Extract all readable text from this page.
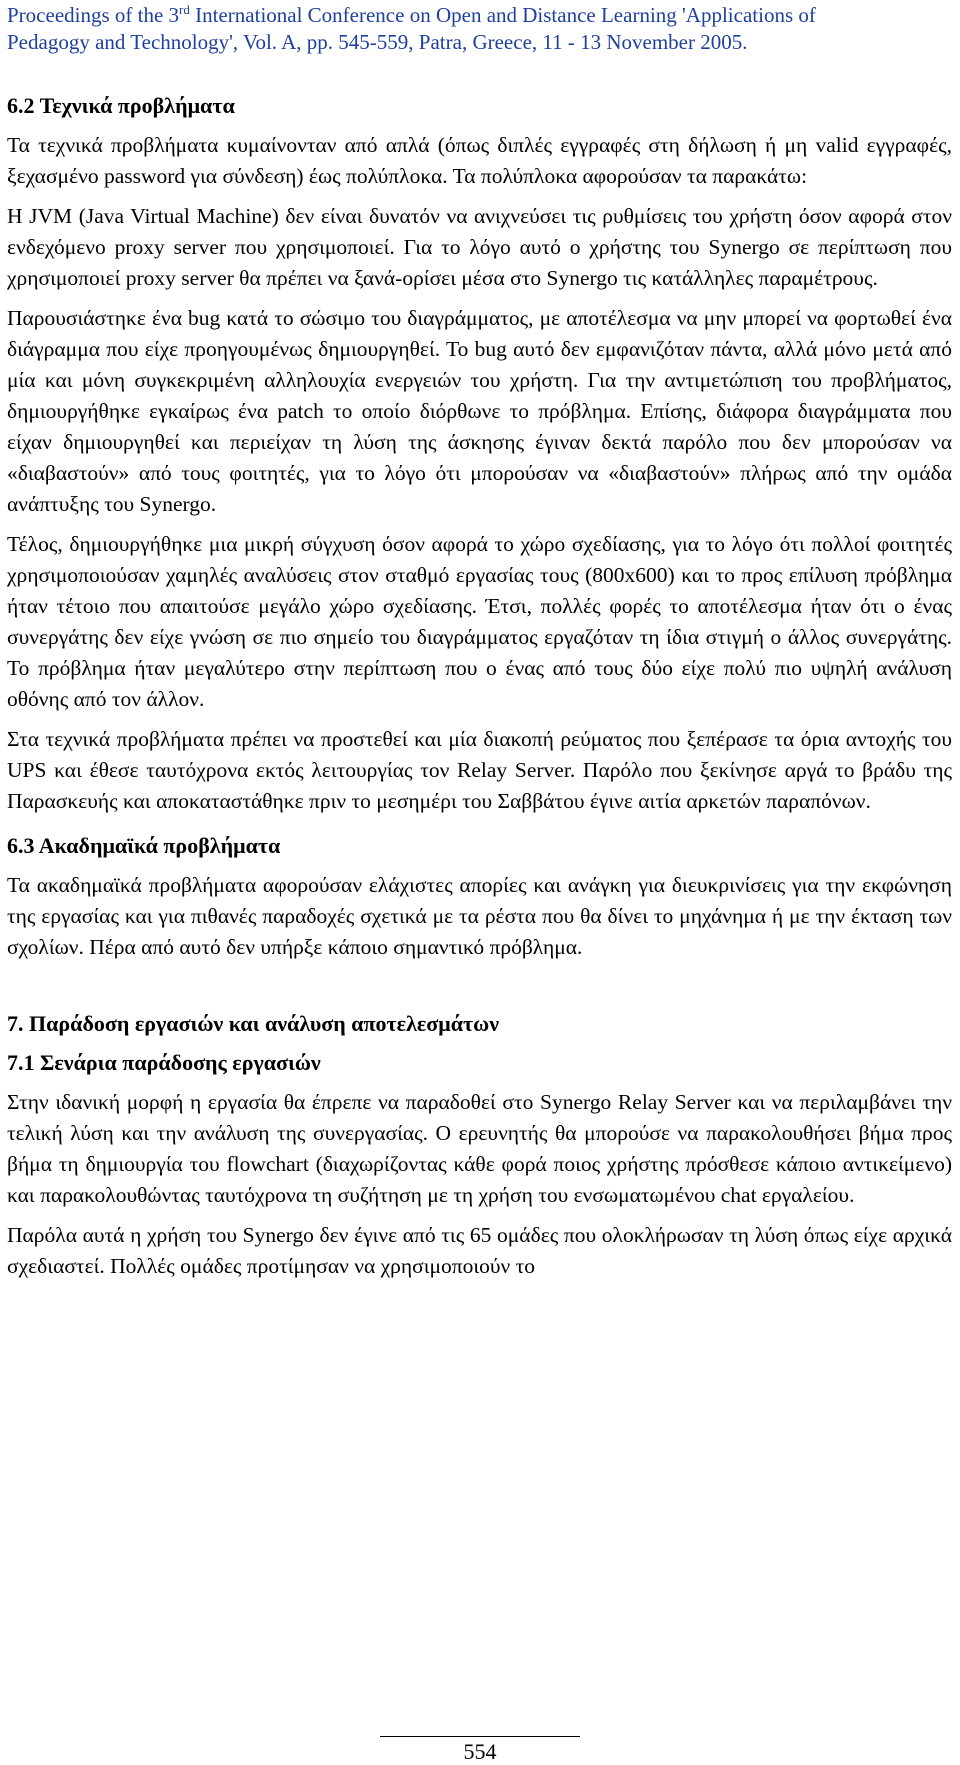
Proceedings of the 3rd International Conference on Open and Distance Learning 'Applications of
Pedagogy and Technology', Vol. A, pp. 545-559, Patra, Greece, 11 - 13 November 2005.
6.2 Τεχνικά προβλήματα

Τα τεχνικά προβλήματα κυμαίνονταν από απλά (όπως διπλές εγγραφές στη δήλωση ή μη valid εγγραφές, ξεχασμένο password για σύνδεση) έως πολύπλοκα. Τα πολύπλοκα αφορούσαν τα παρακάτω:

Η JVM (Java Virtual Machine) δεν είναι δυνατόν να ανιχνεύσει τις ρυθμίσεις του χρήστη όσον αφορά στον ενδεχόμενο proxy server που χρησιμοποιεί. Για το λόγο αυτό ο χρήστης του Synergo σε περίπτωση που χρησιμοποιεί proxy server θα πρέπει να ξανά-ορίσει μέσα στο Synergo τις κατάλληλες παραμέτρους.

Παρουσιάστηκε ένα bug κατά το σώσιμο του διαγράμματος, με αποτέλεσμα να μην μπορεί να φορτωθεί ένα διάγραμμα που είχε προηγουμένως δημιουργηθεί. Το bug αυτό δεν εμφανιζόταν πάντα, αλλά μόνο μετά από μία και μόνη συγκεκριμένη αλληλουχία ενεργειών του χρήστη. Για την αντιμετώπιση του προβλήματος, δημιουργήθηκε εγκαίρως ένα patch το οποίο διόρθωνε το πρόβλημα. Επίσης, διάφορα διαγράμματα που είχαν δημιουργηθεί και περιείχαν τη λύση της άσκησης έγιναν δεκτά παρόλο που δεν μπορούσαν να «διαβαστούν» από τους φοιτητές, για το λόγο ότι μπορούσαν να «διαβαστούν» πλήρως από την ομάδα ανάπτυξης του Synergo.

Τέλος, δημιουργήθηκε μια μικρή σύγχυση όσον αφορά το χώρο σχεδίασης, για το λόγο ότι πολλοί φοιτητές χρησιμοποιούσαν χαμηλές αναλύσεις στον σταθμό εργασίας τους (800x600) και το προς επίλυση πρόβλημα ήταν τέτοιο που απαιτούσε μεγάλο χώρο σχεδίασης. Έτσι, πολλές φορές το αποτέλεσμα ήταν ότι ο ένας συνεργάτης δεν είχε γνώση σε πιο σημείο του διαγράμματος εργαζόταν τη ίδια στιγμή ο άλλος συνεργάτης. Το πρόβλημα ήταν μεγαλύτερο στην περίπτωση που ο ένας από τους δύο είχε πολύ πιο υψηλή ανάλυση οθόνης από τον άλλον.

Στα τεχνικά προβλήματα πρέπει να προστεθεί και μία διακοπή ρεύματος που ξεπέρασε τα όρια αντοχής του UPS και έθεσε ταυτόχρονα εκτός λειτουργίας τον Relay Server. Παρόλο που ξεκίνησε αργά το βράδυ της Παρασκευής και αποκαταστάθηκε πριν το μεσημέρι του Σαββάτου έγινε αιτία αρκετών παραπόνων.

6.3 Ακαδημαϊκά προβλήματα

Τα ακαδημαϊκά προβλήματα αφορούσαν ελάχιστες απορίες και ανάγκη για διευκρινίσεις για την εκφώνηση της εργασίας και για πιθανές παραδοχές σχετικά με τα ρέστα που θα δίνει το μηχάνημα ή με την έκταση των σχολίων. Πέρα από αυτό δεν υπήρξε κάποιο σημαντικό πρόβλημα.

7. Παράδοση εργασιών και ανάλυση αποτελεσμάτων
7.1 Σενάρια παράδοσης εργασιών

Στην ιδανική μορφή η εργασία θα έπρεπε να παραδοθεί στο Synergo Relay Server και να περιλαμβάνει την τελική λύση και την ανάλυση της συνεργασίας. Ο ερευνητής θα μπορούσε να παρακολουθήσει βήμα προς βήμα τη δημιουργία του flowchart (διαχωρίζοντας κάθε φορά ποιος χρήστης πρόσθεσε κάποιο αντικείμενο) και παρακολουθώντας ταυτόχρονα τη συζήτηση με τη χρήση του ενσωματωμένου chat εργαλείου.

Παρόλα αυτά η χρήση του Synergo δεν έγινε από τις 65 ομάδες που ολοκλήρωσαν τη λύση όπως είχε αρχικά σχεδιαστεί. Πολλές ομάδες προτίμησαν να χρησιμοποιούν το

554
